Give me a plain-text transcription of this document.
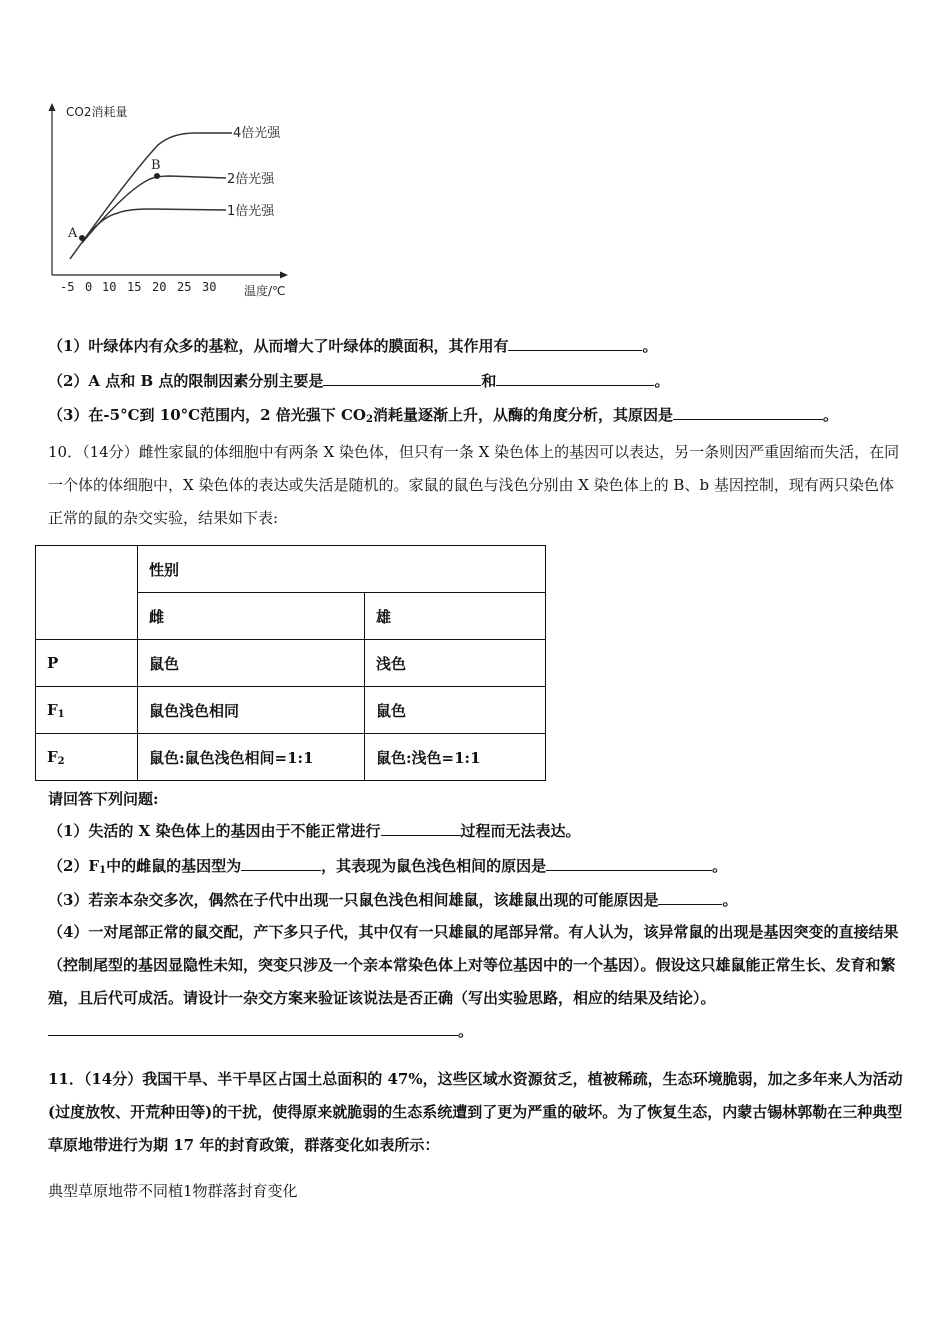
CO2消耗量
温度/℃
-5 0 10 15 20 25 30
A
B
4倍光强
2倍光强
1倍光强
（1）叶绿体内有众多的基粒，从而增大了叶绿体的膜面积，其作用有	。
（2）A 点和 B 点的限制因素分别主要是	和	。
（3）在-5°C到 10°C范围内，2 倍光强下 $CO_2$消耗量逐渐上升，从酶的角度分析，其原因是	。
10．（14分）雌性家鼠的体细胞中有两条 X 染色体，但只有一条 X 染色体上的基因可以表达，另一条则因严重固缩而失活，在同一个体的体细胞中，X 染色体的表达或失活是随机的。家鼠的鼠色与浅色分别由 X 染色体上的 B、b 基因控制，现有两只染色体正常的鼠的杂交实验，结果如下表:
	性别	
	雌	雄
P	鼠色	浅色
$F_1$	鼠色浅色相同	鼠色
$F_2$	鼠色:鼠色浅色相间=1:1	鼠色:浅色=1:1
请回答下列问题:
（1）失活的 X 染色体上的基因由于不能正常进行	过程而无法表达。
$(2)F_1$中的雌鼠的基因型为	，其表现为鼠色浅色相间的原因是	。
（3）若亲本杂交多次，偶然在子代中出现一只鼠色浅色相间雄鼠，该雄鼠出现的可能原因是	。
（4）一对尾部正常的鼠交配，产下多只子代，其中仅有一只雄鼠的尾部异常。有人认为，该异常鼠的出现是基因突变的直接结果（控制尾型的基因显隐性未知，突变只涉及一个亲本常染色体上对等位基因中的一个基因）。假设这只雄鼠能正常生长、发育和繁殖，且后代可成活。请设计一杂交方案来验证该说法是否正确（写出实验思路，相应的结果及结论）。。
11．（14分）我国干旱、半干旱区占国土总面积的 47%，这些区域水资源贫乏，植被稀疏，生态环境脆弱，加之多年来人为活动(过度放牧、开荒种田等)的干扰，使得原来就脆弱的生态系统遭到了更为严重的破坏。为了恢复生态，内蒙古锡林郭勒在三种典型草原地带进行为期 17 年的封育政策，群落变化如表所示：
典型草原地带不同植1物群落封育变化
